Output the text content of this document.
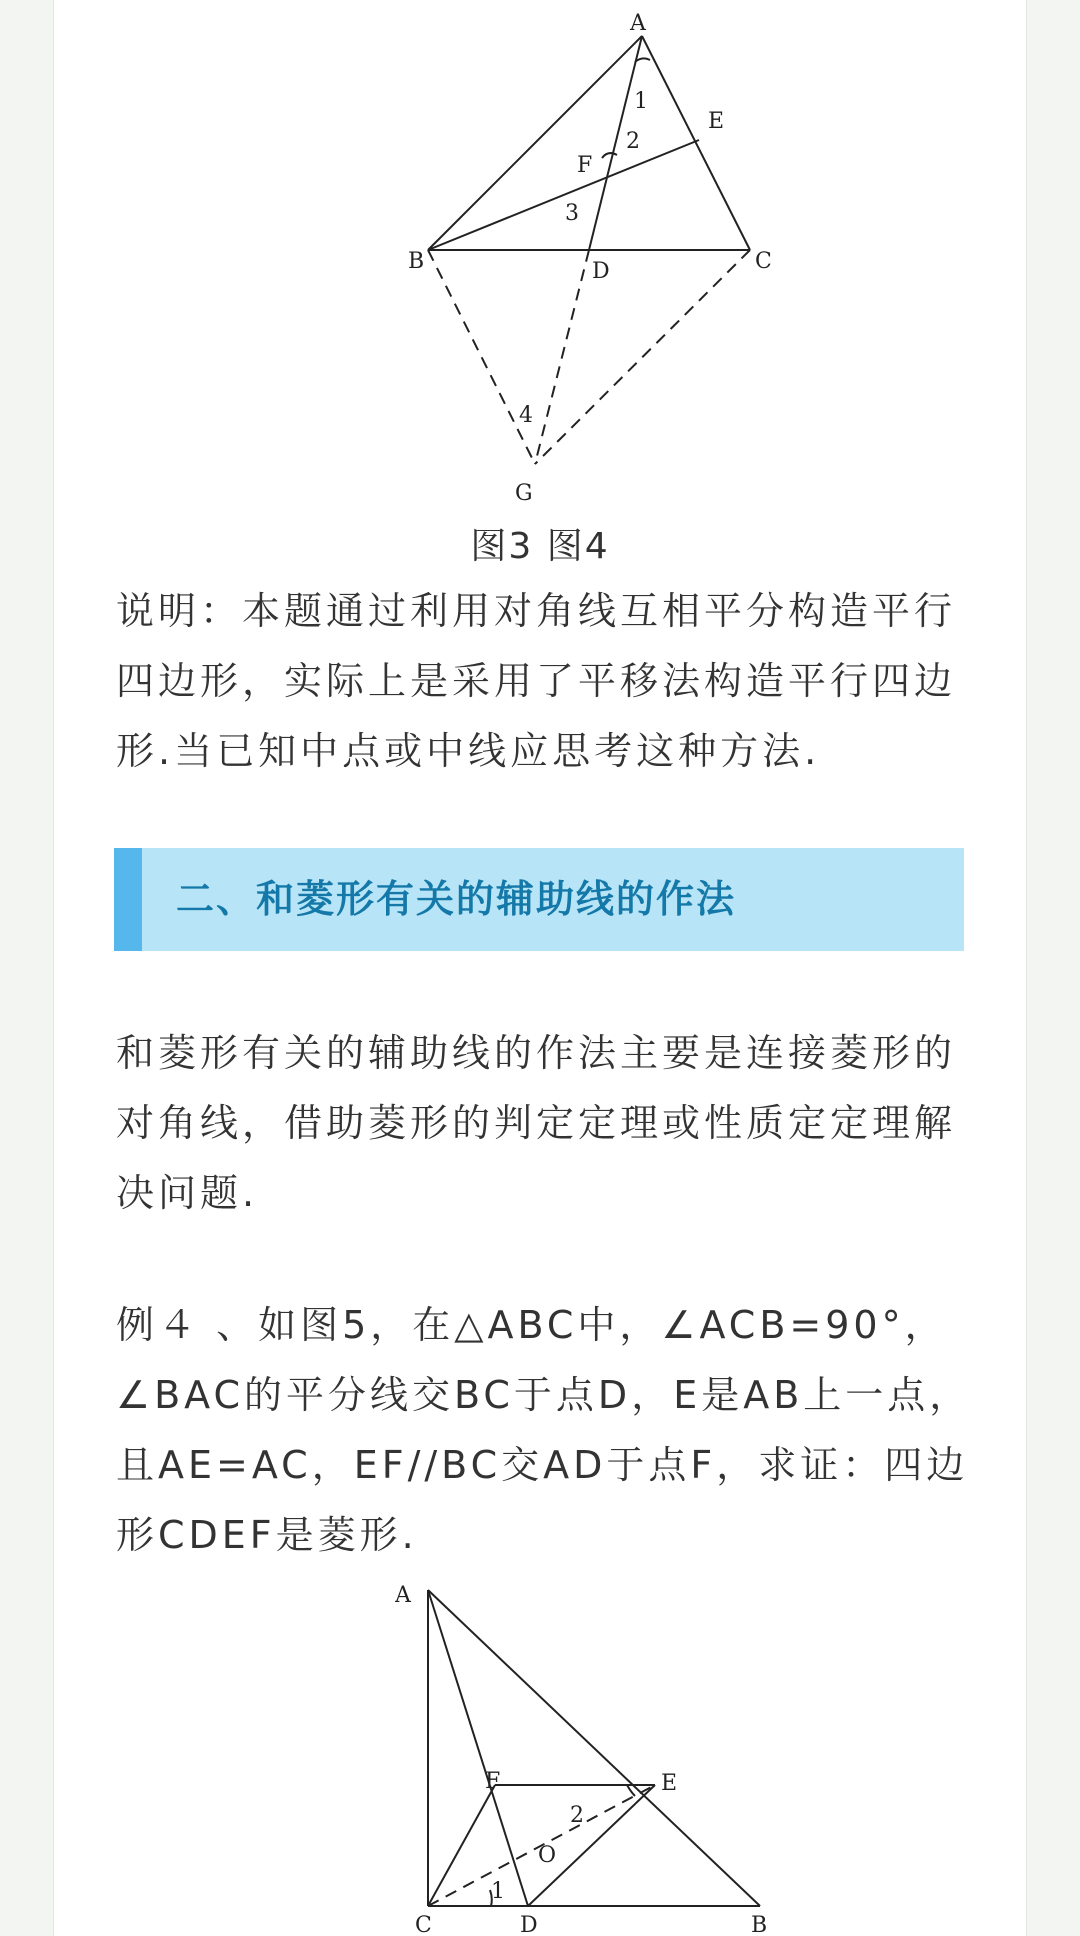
A
E
F
B	D	C
G
1
2
3
4
图3 图4

说明：本题通过利用对角线互相平分构造平行四边形，实际上是采用了平移法构造平行四边形.当已知中点或中线应思考这种方法.

二、和菱形有关的辅助线的作法

和菱形有关的辅助线的作法主要是连接菱形的对角线，借助菱形的判定定理或性质定定理解决问题.

例４ 、如图5，在△ABC中，∠ACB=90°，∠BAC的平分线交BC于点D，E是AB上一点，且AE=AC，EF//BC交AD于点F，求证：四边形CDEF是菱形.

A
F	E
O
2
1
C	D	B
